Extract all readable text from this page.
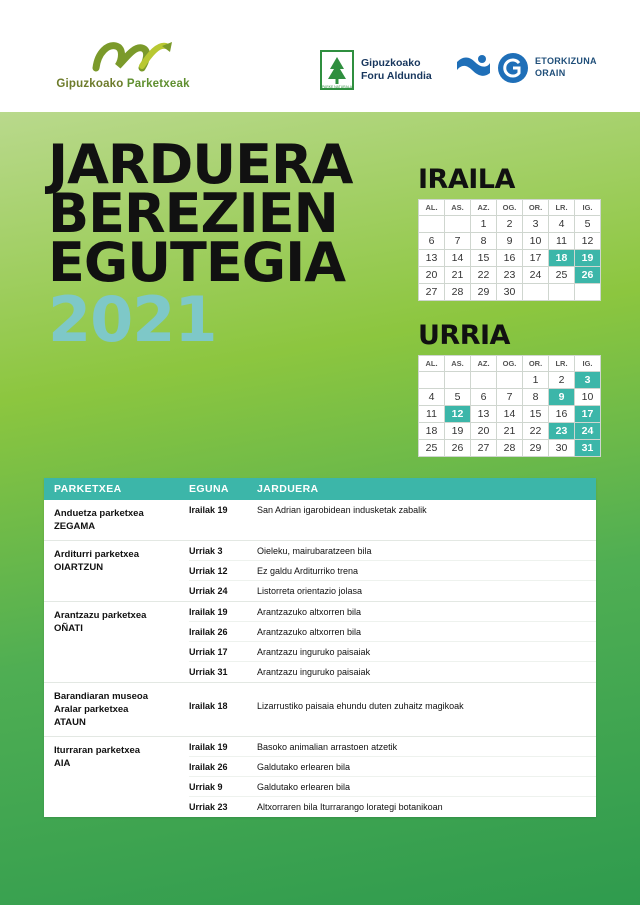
Gipuzkoako Parketxeak	PARKE NATURALA
Gipuzkoako
Foru Aldundia
ETORKIZUNA
ORAIN
JARDUERA
BEREZIEN
EGUTEGIA
2021
IRAILA
AL.	AS.	AZ.	OG.	OR.	LR.	IG.
		1	2	3	4	5
6	7	8	9	10	11	12
13	14	15	16	17	18	19
20	21	22	23	24	25	26
27	28	29	30			
URRIA
AL.	AS.	AZ.	OG.	OR.	LR.	IG.
				1	2	3
4	5	6	7	8	9	10
11	12	13	14	15	16	17
18	19	20	21	22	23	24
25	26	27	28	29	30	31
PARKETXEA	EGUNA	JARDUERA
Anduetza parketxea
ZEGAMA
Irailak 19	San Adrian igarobidean indusketak zabalik
Arditurri parketxea
OIARTZUN
Urriak 3	Oieleku, mairubaratzeen bila
Urriak 12	Ez galdu Arditurriko trena
Urriak 24	Listorreta orientazio jolasa
Arantzazu parketxea
OÑATI
Irailak 19	Arantzazuko altxorren bila
Irailak 26	Arantzazuko altxorren bila
Urriak 17	Arantzazu inguruko paisaiak
Urriak 31	Arantzazu inguruko paisaiak
Barandiaran museoa
Aralar parketxea
ATAUN
Irailak 18	Lizarrustiko paisaia ehundu duten zuhaitz magikoak
Iturraran parketxea
AIA
Irailak 19	Basoko animalian arrastoen atzetik
Irailak 26	Galdutako erlearen bila
Urriak 9	Galdutako erlearen bila
Urriak 23	Altxorraren bila Iturrarango lorategi botanikoan
